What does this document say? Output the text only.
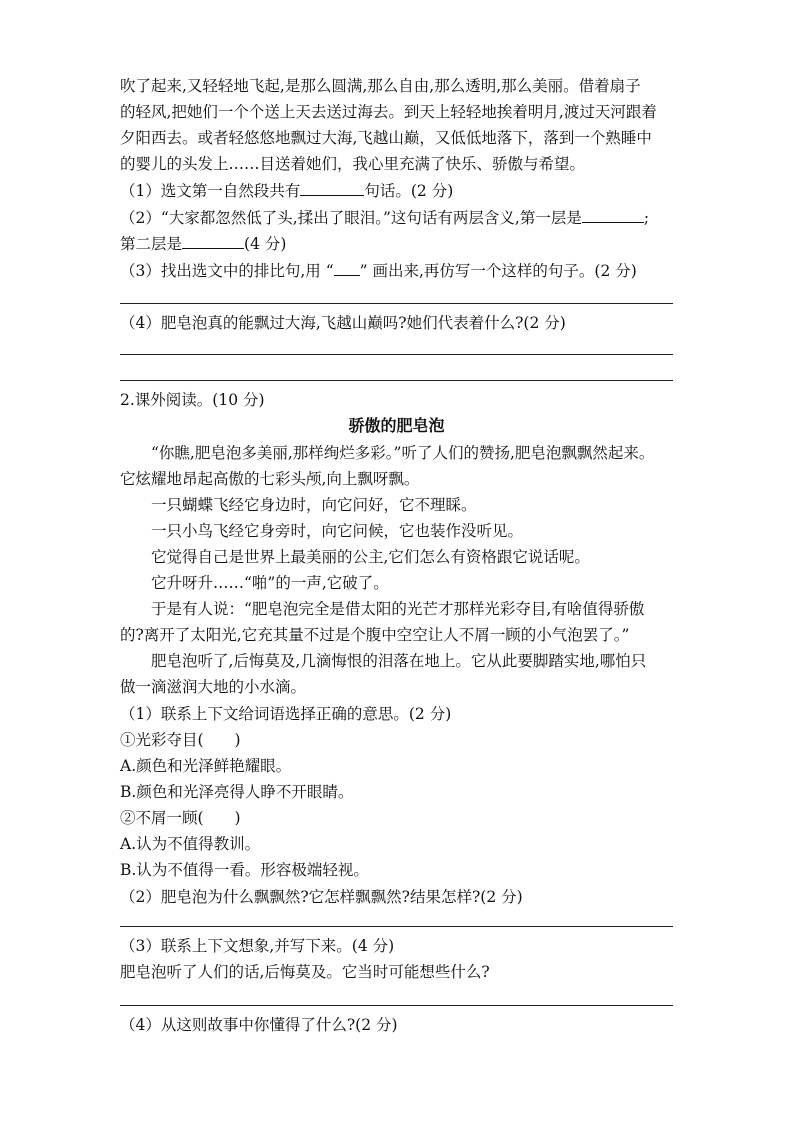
吹了起来,又轻轻地飞起,是那么圆满,那么自由,那么透明,那么美丽。借着扇子
的轻风,把她们一个个送上天去送过海去。到天上轻轻地挨着明月,渡过天河跟着
夕阳西去。或者轻悠悠地飘过大海,飞越山巅，又低低地落下，落到一个熟睡中
的婴儿的头发上……目送着她们，我心里充满了快乐、骄傲与希望。
（1）选文第一自然段共有	句话。(2 分)
（2）“大家都忽然低了头,揉出了眼泪。”这句话有两层含义,第一层是	;
第二层是	(4 分)
（3）找出选文中的排比句,用 “ ” 画出来,再仿写一个这样的句子。(2 分)
（4）肥皂泡真的能飘过大海,飞越山巅吗?她们代表着什么?(2 分)
2.课外阅读。(10 分)
骄傲的肥皂泡
“你瞧,肥皂泡多美丽,那样绚烂多彩。”听了人们的赞扬,肥皂泡飘飘然起来。
它炫耀地昂起高傲的七彩头颅,向上飘呀飘。
一只蝴蝶飞经它身边时，向它问好，它不理睬。
一只小鸟飞经它身旁时，向它问候，它也装作没听见。
它觉得自己是世界上最美丽的公主,它们怎么有资格跟它说话呢。
它升呀升……“啪”的一声,它破了。
于是有人说：“肥皂泡完全是借太阳的光芒才那样光彩夺目,有啥值得骄傲
的?离开了太阳光,它充其量不过是个腹中空空让人不屑一顾的小气泡罢了。”
肥皂泡听了,后悔莫及,几滴悔恨的泪落在地上。它从此要脚踏实地,哪怕只
做一滴滋润大地的小水滴。
（1）联系上下文给词语选择正确的意思。(2 分)
①光彩夺目(　　)
A.颜色和光泽鲜艳耀眼。
B.颜色和光泽亮得人睁不开眼睛。
②不屑一顾(　　)
A.认为不值得教训。
B.认为不值得一看。形容极端轻视。
（2）肥皂泡为什么飘飘然?它怎样飘飘然?结果怎样?(2 分)
（3）联系上下文想象,并写下来。(4 分)
肥皂泡听了人们的话,后悔莫及。它当时可能想些什么?
（4）从这则故事中你懂得了什么?(2 分)
